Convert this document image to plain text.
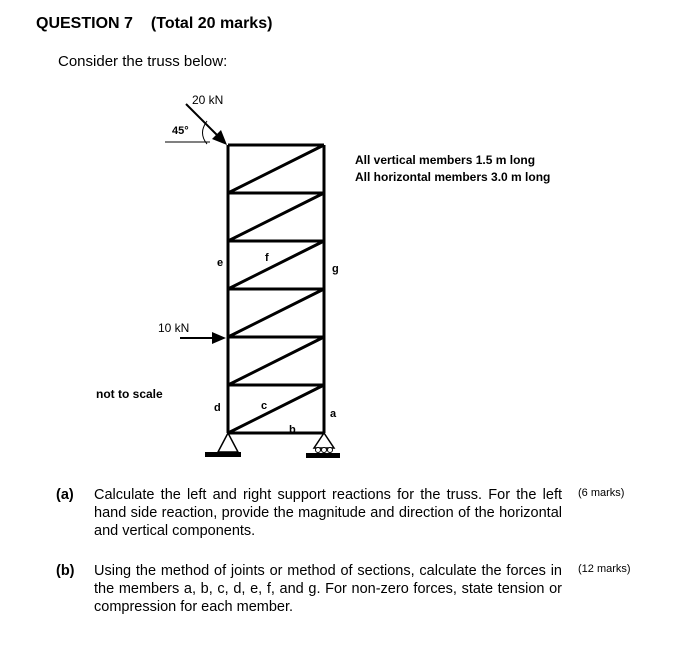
QUESTION 7 (Total 20 marks)
Consider the truss below:
20 kN
45°
10 kN
All vertical members 1.5 m long
All horizontal members 3.0 m long
not to scale
a
b
c
d
e	f
g
(a) Calculate the left and right support reactions for the truss. For the left hand side reaction, provide the magnitude and direction of the horizontal and vertical components.
(6 marks)
(b) Using the method of joints or method of sections, calculate the forces in the members a, b, c, d, e, f, and g. For non-zero forces, state tension or compression for each member.
(12 marks)
